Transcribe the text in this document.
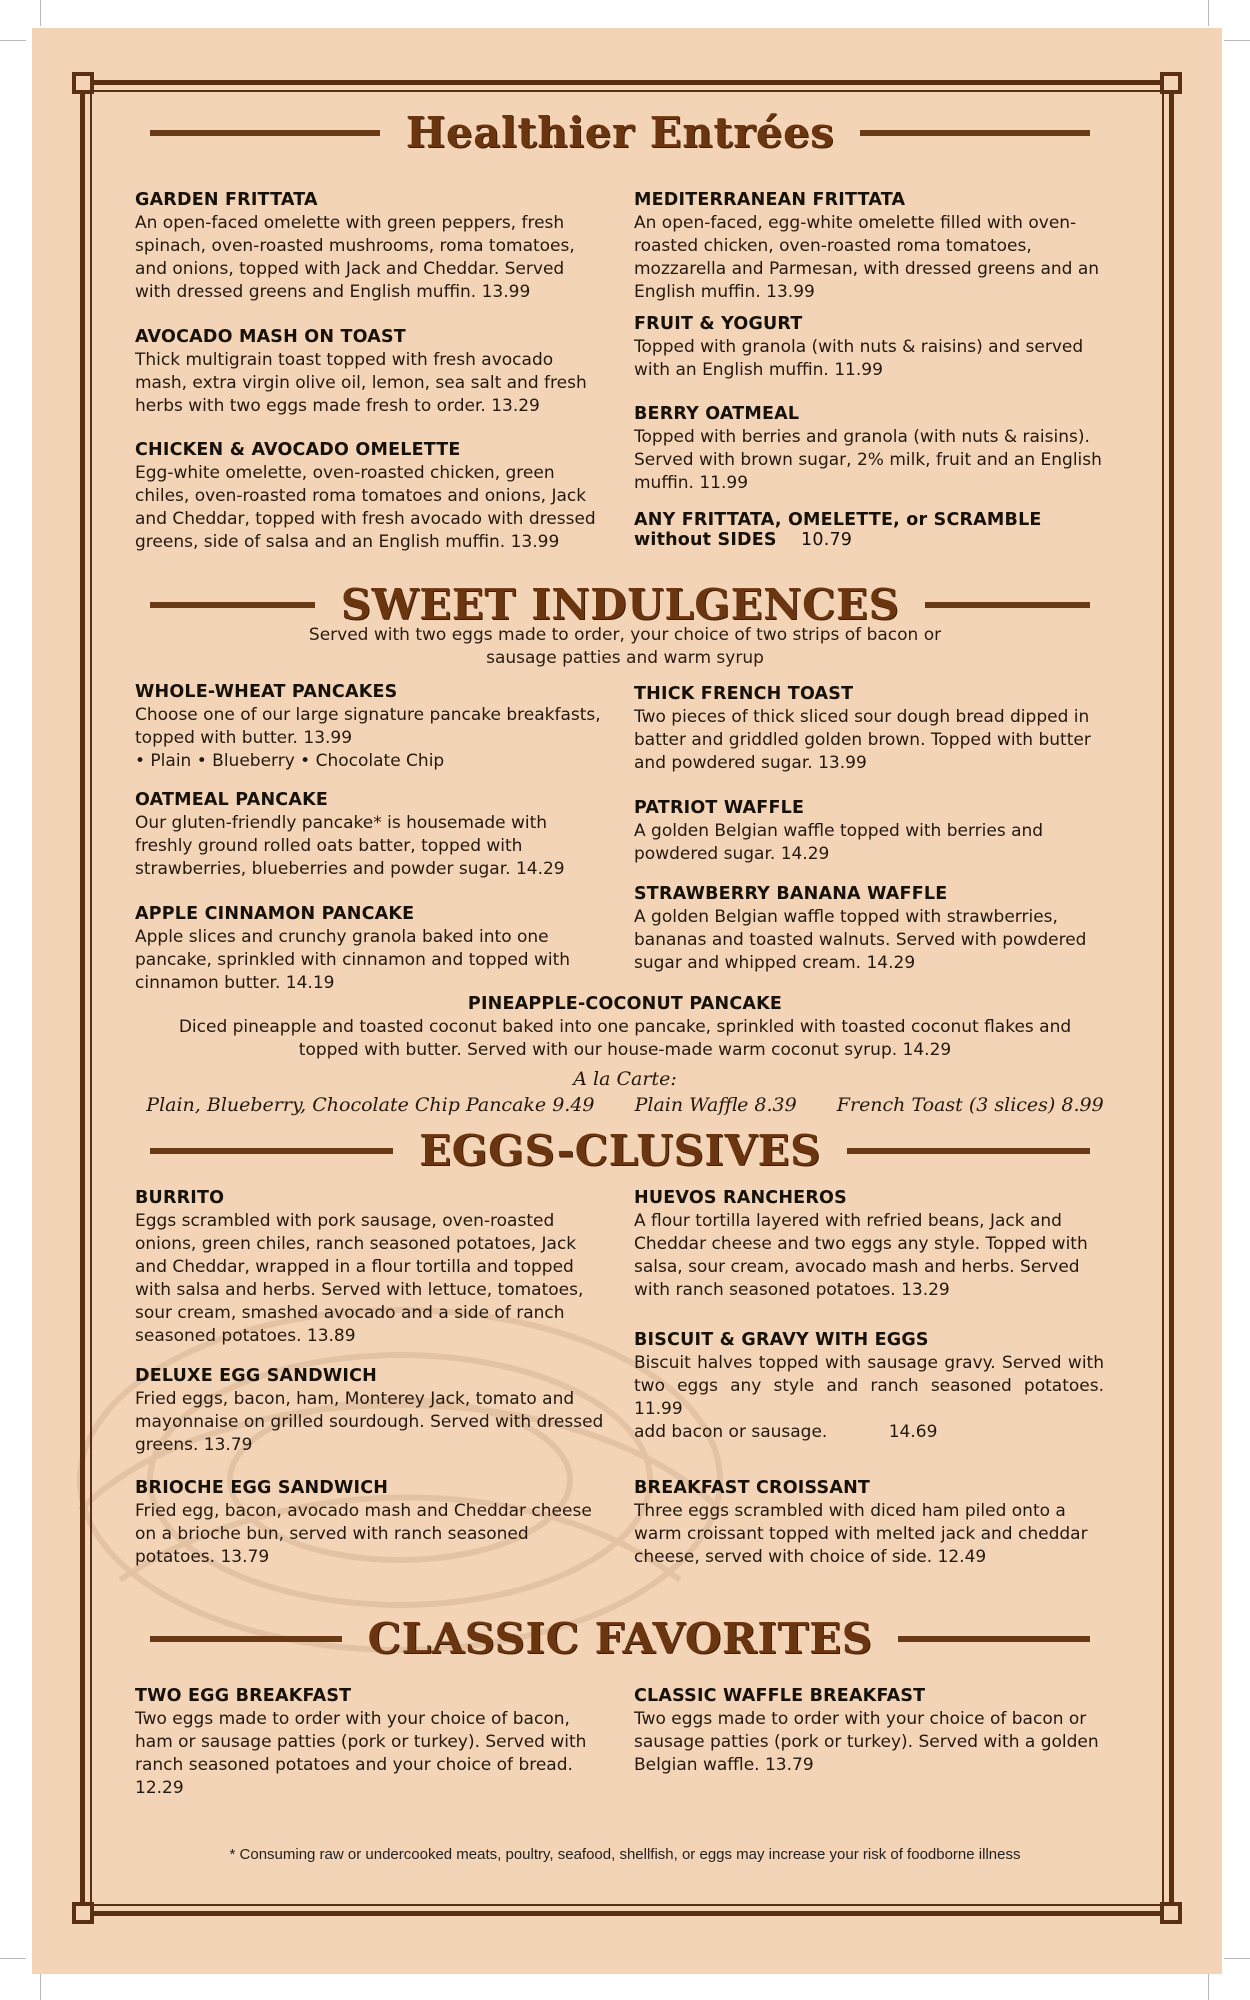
Healthier Entrées
GARDEN FRITTATA
An open-faced omelette with green peppers, fresh spinach, oven-roasted mushrooms, roma tomatoes, and onions, topped with Jack and Cheddar. Served with dressed greens and English muffin. 13.99
AVOCADO MASH ON TOAST
Thick multigrain toast topped with fresh avocado mash, extra virgin olive oil, lemon, sea salt and fresh herbs with two eggs made fresh to order. 13.29
CHICKEN & AVOCADO OMELETTE
Egg-white omelette, oven-roasted chicken, green chiles, oven-roasted roma tomatoes and onions, Jack and Cheddar, topped with fresh avocado with dressed greens, side of salsa and an English muffin. 13.99
MEDITERRANEAN FRITTATA
An open-faced, egg-white omelette filled with oven-roasted chicken, oven-roasted roma tomatoes, mozzarella and Parmesan, with dressed greens and an English muffin. 13.99
FRUIT & YOGURT
Topped with granola (with nuts & raisins) and served with an English muffin. 11.99
BERRY OATMEAL
Topped with berries and granola (with nuts & raisins). Served with brown sugar, 2% milk, fruit and an English muffin. 11.99
ANY FRITTATA, OMELETTE, or SCRAMBLE without SIDES 10.79
SWEET INDULGENCES
Served with two eggs made to order, your choice of two strips of bacon or sausage patties and warm syrup
WHOLE-WHEAT PANCAKES
Choose one of our large signature pancake breakfasts, topped with butter. 13.99
• Plain • Blueberry • Chocolate Chip
OATMEAL PANCAKE
Our gluten-friendly pancake* is housemade with freshly ground rolled oats batter, topped with strawberries, blueberries and powder sugar. 14.29
APPLE CINNAMON PANCAKE
Apple slices and crunchy granola baked into one pancake, sprinkled with cinnamon and topped with cinnamon butter. 14.19
THICK FRENCH TOAST
Two pieces of thick sliced sour dough bread dipped in batter and griddled golden brown. Topped with butter and powdered sugar. 13.99
PATRIOT WAFFLE
A golden Belgian waffle topped with berries and powdered sugar. 14.29
STRAWBERRY BANANA WAFFLE
A golden Belgian waffle topped with strawberries, bananas and toasted walnuts. Served with powdered sugar and whipped cream. 14.29
PINEAPPLE-COCONUT PANCAKE
Diced pineapple and toasted coconut baked into one pancake, sprinkled with toasted coconut flakes and topped with butter. Served with our house-made warm coconut syrup. 14.29
A la Carte:
Plain, Blueberry, Chocolate Chip Pancake 9.49 Plain Waffle 8.39 French Toast (3 slices) 8.99
EGGS-CLUSIVES
BURRITO
Eggs scrambled with pork sausage, oven-roasted onions, green chiles, ranch seasoned potatoes, Jack and Cheddar, wrapped in a flour tortilla and topped with salsa and herbs. Served with lettuce, tomatoes, sour cream, smashed avocado and a side of ranch seasoned potatoes. 13.89
DELUXE EGG SANDWICH
Fried eggs, bacon, ham, Monterey Jack, tomato and mayonnaise on grilled sourdough. Served with dressed greens. 13.79
BRIOCHE EGG SANDWICH
Fried egg, bacon, avocado mash and Cheddar cheese on a brioche bun, served with ranch seasoned potatoes. 13.79
HUEVOS RANCHEROS
A flour tortilla layered with refried beans, Jack and Cheddar cheese and two eggs any style. Topped with salsa, sour cream, avocado mash and herbs. Served with ranch seasoned potatoes. 13.29
BISCUIT & GRAVY WITH EGGS
Biscuit halves topped with sausage gravy. Served with two eggs any style and ranch seasoned potatoes. 11.99
add bacon or sausage.	14.69
BREAKFAST CROISSANT
Three eggs scrambled with diced ham piled onto a warm croissant topped with melted jack and cheddar cheese, served with choice of side. 12.49
CLASSIC FAVORITES
TWO EGG BREAKFAST
Two eggs made to order with your choice of bacon, ham or sausage patties (pork or turkey). Served with ranch seasoned potatoes and your choice of bread. 12.29
CLASSIC WAFFLE BREAKFAST
Two eggs made to order with your choice of bacon or sausage patties (pork or turkey). Served with a golden Belgian waffle. 13.79
* Consuming raw or undercooked meats, poultry, seafood, shellfish, or eggs may increase your risk of foodborne illness
